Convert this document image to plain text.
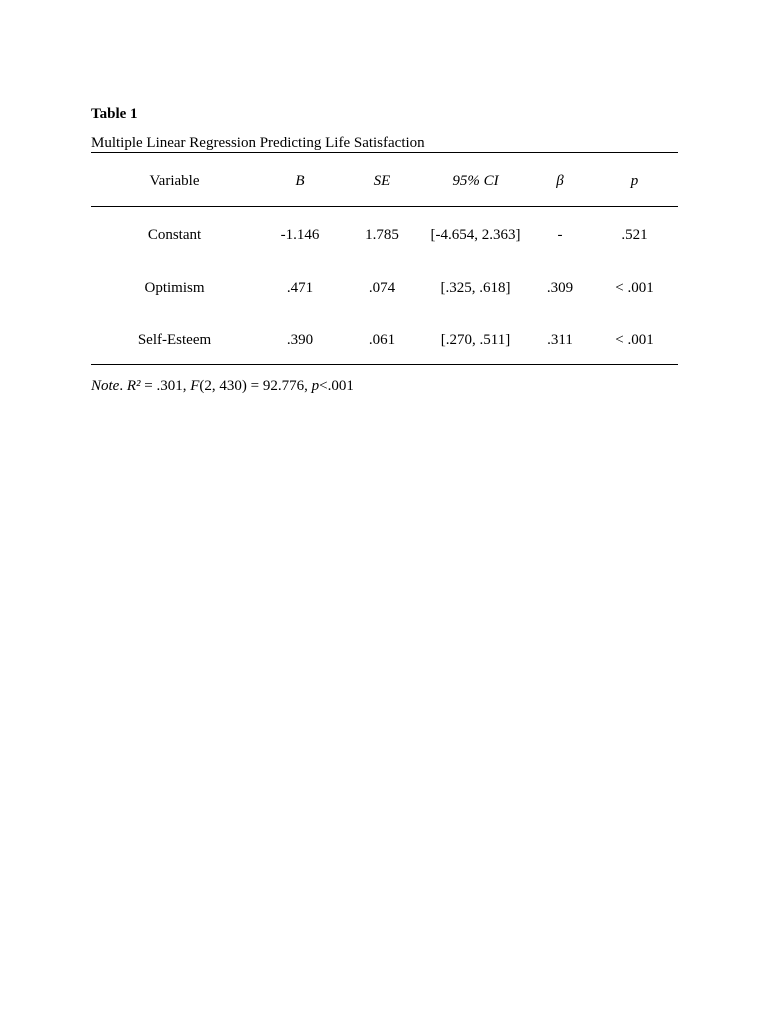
Table 1
Multiple Linear Regression Predicting Life Satisfaction
Variable	B	SE	95% CI	β	p
Constant	-1.146	1.785	[-4.654, 2.363]	-	.521
Optimism	.471	.074	[.325, .618]	.309	< .001
Self-Esteem	.390	.061	[.270, .511]	.311	< .001
Note. R² = .301, F(2, 430) = 92.776, p<.001
